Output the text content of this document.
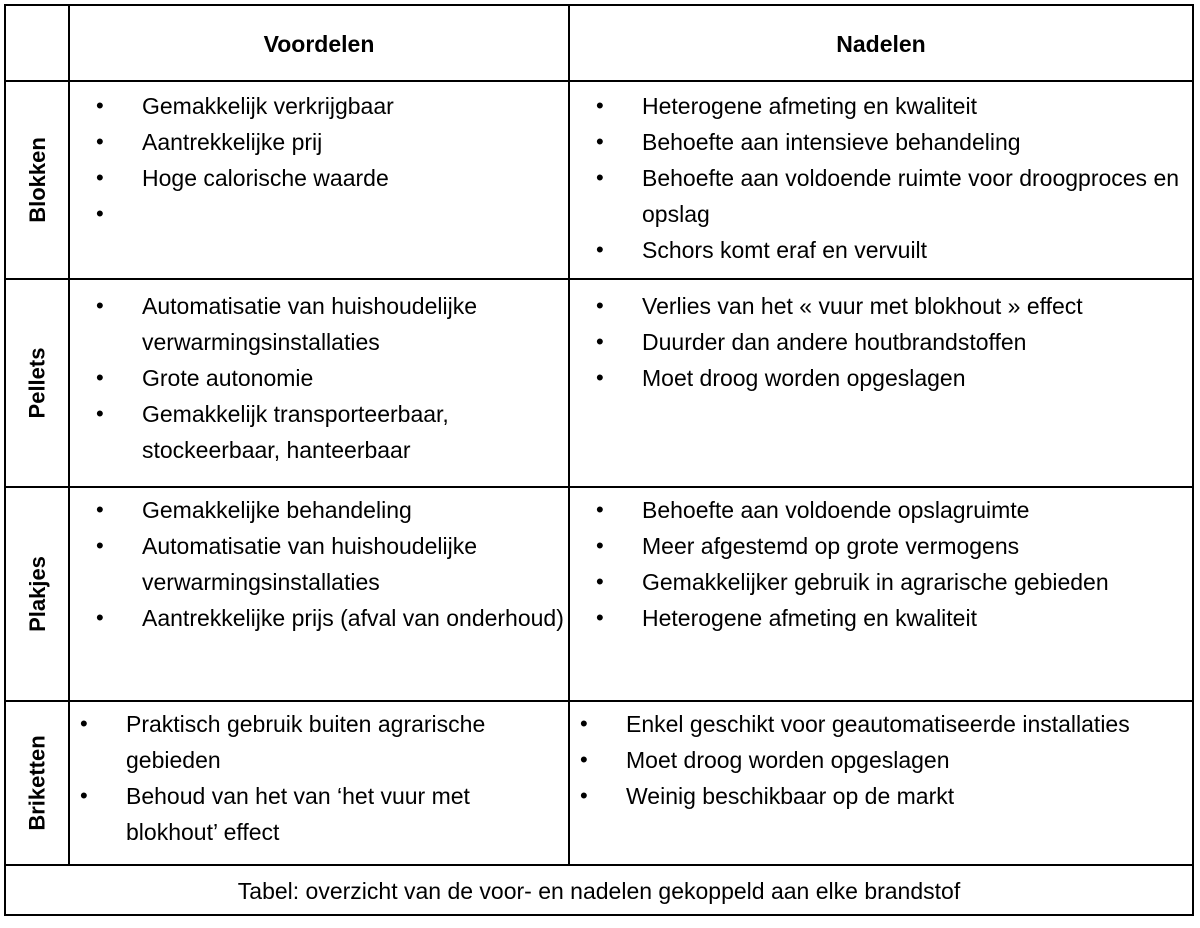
Voordelen	Nadelen
Blokken
• Gemakkelijk verkrijgbaar
• Aantrekkelijke prij
• Hoge calorische waarde
•
• Heterogene afmeting en kwaliteit
• Behoefte aan intensieve behandeling
• Behoefte aan voldoende ruimte voor droogproces en opslag
• Schors komt eraf en vervuilt
Pellets
• Automatisatie van huishoudelijke verwarmingsinstallaties
• Grote autonomie
• Gemakkelijk transporteerbaar, stockeerbaar, hanteerbaar
• Verlies van het « vuur met blokhout » effect
• Duurder dan andere houtbrandstoffen
• Moet droog worden opgeslagen
Plakjes
• Gemakkelijke behandeling
• Automatisatie van huishoudelijke verwarmingsinstallaties
• Aantrekkelijke prijs (afval van onderhoud)
• Behoefte aan voldoende opslagruimte
• Meer afgestemd op grote vermogens
• Gemakkelijker gebruik in agrarische gebieden
• Heterogene afmeting en kwaliteit
Briketten
• Praktisch gebruik buiten agrarische gebieden
• Behoud van het van ‘het vuur met blokhout’ effect
• Enkel geschikt voor geautomatiseerde installaties
• Moet droog worden opgeslagen
• Weinig beschikbaar op de markt
Tabel: overzicht van de voor- en nadelen gekoppeld aan elke brandstof
